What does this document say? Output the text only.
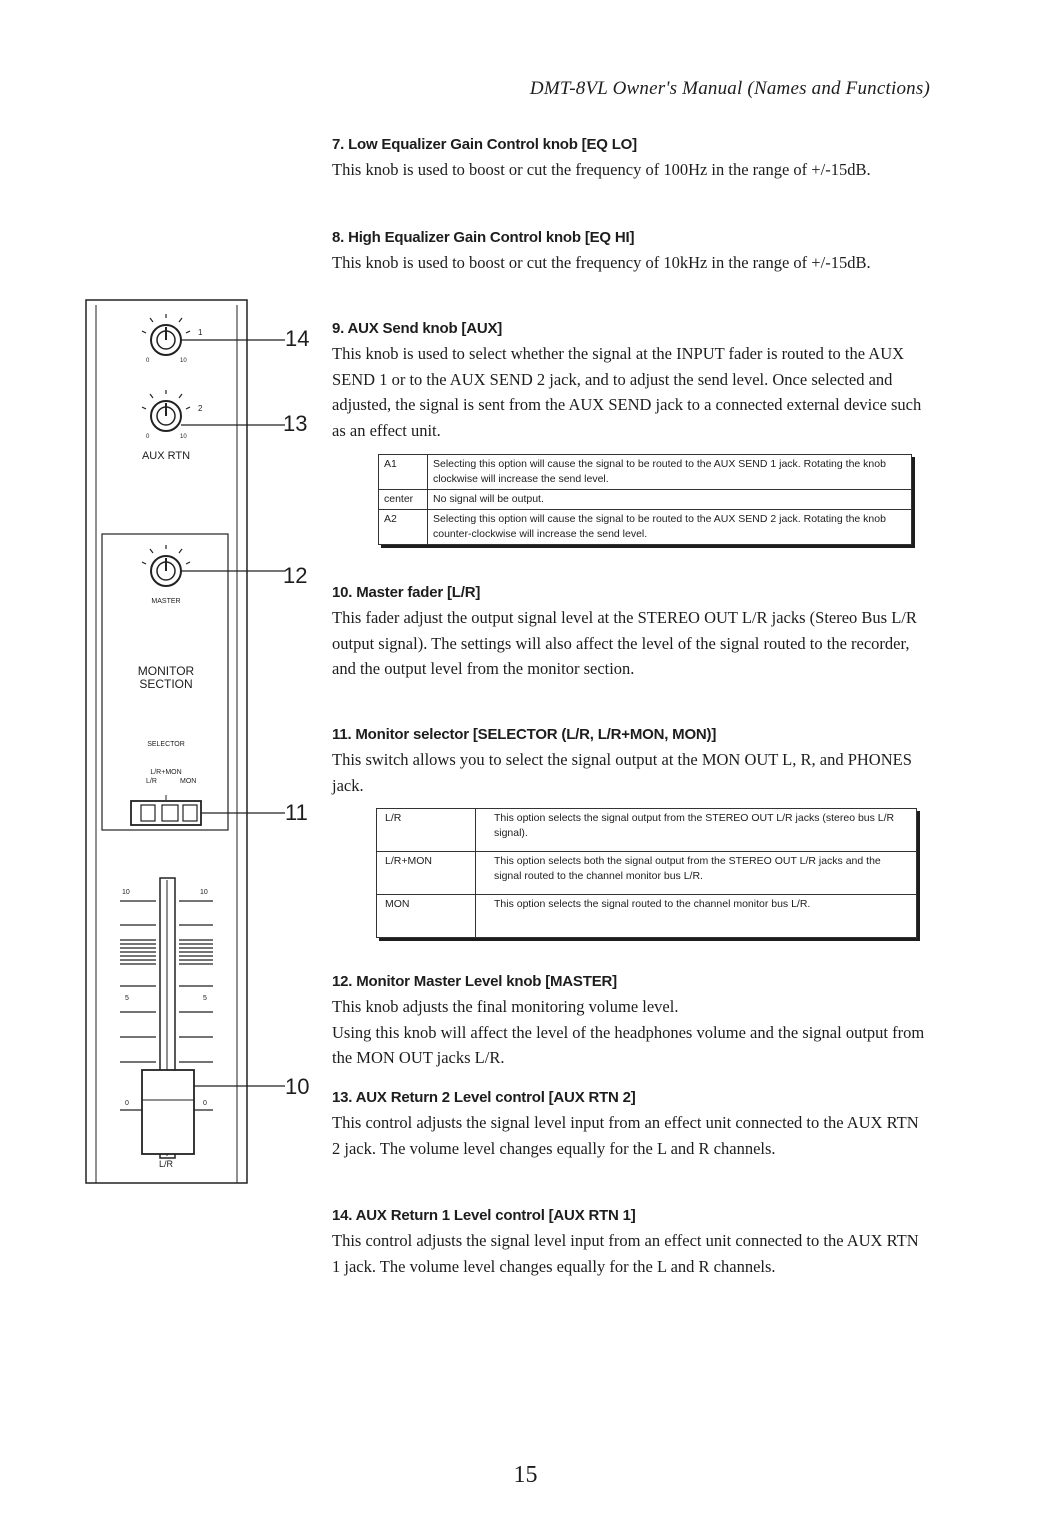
DMT-8VL Owner's Manual (Names and Functions)
7. Low Equalizer Gain Control knob [EQ LO]

This knob is used to boost or cut the frequency of 100Hz in the range of +/-15dB.

8. High Equalizer Gain Control knob [EQ HI]

This knob is used to boost or cut the frequency of 10kHz in the range of +/-15dB.

9. AUX Send knob [AUX]

This knob is used to select whether the signal at the INPUT fader is routed to the AUX SEND 1 or to the AUX SEND 2 jack, and to adjust the send level. Once selected and adjusted, the signal is sent from the AUX SEND jack to a connected external device such as an effect unit.

A1	Selecting this option will cause the signal to be routed to the AUX SEND 1 jack. Rotating the knob clockwise will increase the send level.
center	No signal will be output.
A2	Selecting this option will cause the signal to be routed to the AUX SEND 2 jack. Rotating the knob counter-clockwise will increase the send level.
10. Master fader [L/R]

This fader adjust the output signal level at the STEREO OUT L/R jacks (Stereo Bus L/R output signal). The settings will also affect the level of the signal routed to the recorder, and the output level from the monitor section.

11. Monitor selector [SELECTOR (L/R, L/R+MON, MON)]

This switch allows you to select the signal output at the MON OUT L, R, and PHONES jack.

L/R	This option selects the signal output from the STEREO OUT L/R jacks (stereo bus L/R signal).
L/R+MON	This option selects both the signal output from the STEREO OUT L/R jacks and the signal routed to the channel monitor bus L/R.
MON	This option selects the signal routed to the channel monitor bus L/R.
12. Monitor Master Level knob [MASTER]

This knob adjusts the final monitoring volume level.

Using this knob will affect the level of the headphones volume and the signal output from the MON OUT jacks L/R.

13. AUX Return 2 Level control [AUX RTN 2]

This control adjusts the signal level input from an effect unit connected to the AUX RTN 2 jack. The volume level changes equally for the L and R channels.

14. AUX Return 1 Level control [AUX RTN 1]

This control adjusts the signal level input from an effect unit connected to the AUX RTN 1 jack. The volume level changes equally for the L and R channels.

1
2
0	10
0	10
AUX RTN
MASTER
MONITOR
SECTION
SELECTOR
L/R+MON
L/R	MON
10	10
5	5
0	0
L/R
14
13
12
11
10
15
